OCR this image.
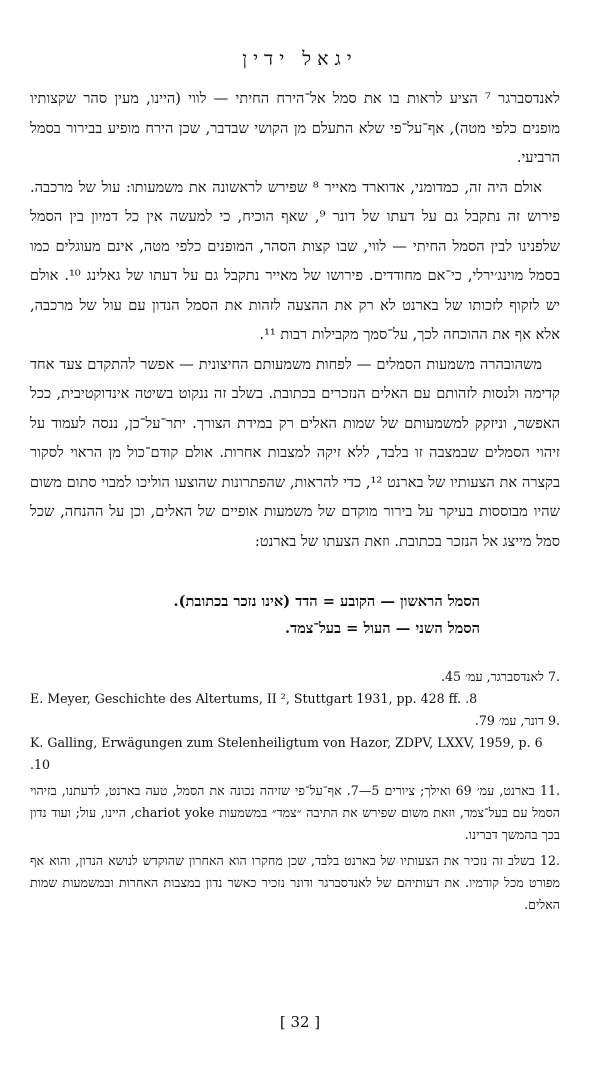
יגאל ידין

לאנדסברגר ⁷ הציע לראות בו את סמל אל־הירח החיתי — לווי (היינו, מעין סהר שקצותיו מופנים כלפי מטה), אף־על־פי שלא התעלם מן הקושי שבדבר, שכן הירח מופיע בבירור בסמל הרביעי.

אולם היה זה, כמדומני, אדוארד מאייר ⁸ שפירש לראשונה את משמעותו: עול של מרכבה. פירוש זה נתקבל גם על דעתו של דונר ⁹, שאף הוכיח, כי למעשה אין כל דמיון בין הסמל שלפנינו לבין הסמל החיתי — לווי, שבו קצות הסהר, המופנים כלפי מטה, אינם מעוגלים כמו בסמל מוינג׳ירלי, כי־אם מחודדים. פירושו של מאייר נתקבל גם על דעתו של גאלינג ¹⁰. אולם יש לזקוף לזכותו של בארנט לא רק את ההצעה לזהות את הסמל הנדון עם עול של מרכבה, אלא אף את ההוכחה לכך, על־סמך מקבילות רבות ¹¹.

משהובהרה משמעות הסמלים — לפחות משמעותם החיצונית — אפשר להתקדם צעד אחד קדימה ולנסות לזהותם עם האלים הנזכרים בכתובת. בשלב זה ננקוט בשיטה אינדוקטיבית, ככל האפשר, וניזקק למשמעותם של שמות האלים רק במידת הצורך. יתר־על־כן, ננסה לעמוד על זיהוי הסמלים שבמצבה זו בלבד, ללא זיקה למצבות אחרות. אולם קודם־כול מן הראוי לסקור בקצרה את הצעותיו של בארנט ¹², כדי להראות, שהפתרונות שהוצעו הוליכו למבוי סתום משום שהיו מבוססות בעיקר על בירור מוקדם של משמעות אופיים של האלים, וכן על ההנחה, שכל סמל מייצג אל הנזכר בכתובת. וזאת הצעתו של בארנט:

הסמל הראשון — הקובע = הדד (אינו נזכר בכתובת).
הסמל השני — העול = בעל־צמד.
.7 לאנדסברגר, עמ׳ 45.
E. Meyer, Geschichte des Altertums, II ², Stuttgart 1931, pp. 428 ff. .8
.9 דונר, עמ׳ 79.
K. Galling, Erwägungen zum Stelenheiligtum von Hazor, ZDPV, LXXV, 1959, p. 6 .10
.11 בארנט, עמ׳ 69 ואילך; ציורים 5—7. אף־על־פי שזיהה נכונה את הסמל, טעה בארנט, לדעתנו, בזיהוי הסמל עם בעל־צמד, וזאת משום שפירש את התיבה ״צמד״ במשמעות chariot yoke, היינו, עול; ועוד נדון בכך בהמשך דברינו.
.12 בשלב זה נזכיר את הצעותיו של בארנט בלבד, שכן מחקרו הוא האחרון שהוקדש לנושא הנדון, והוא אף מפורט מכל קודמיו. את דעותיהם של לאנדסברגר ודונר נזכיר כאשר נדון במצבות האחרות ובמשמעות שמות האלים.
[ 32 ]
